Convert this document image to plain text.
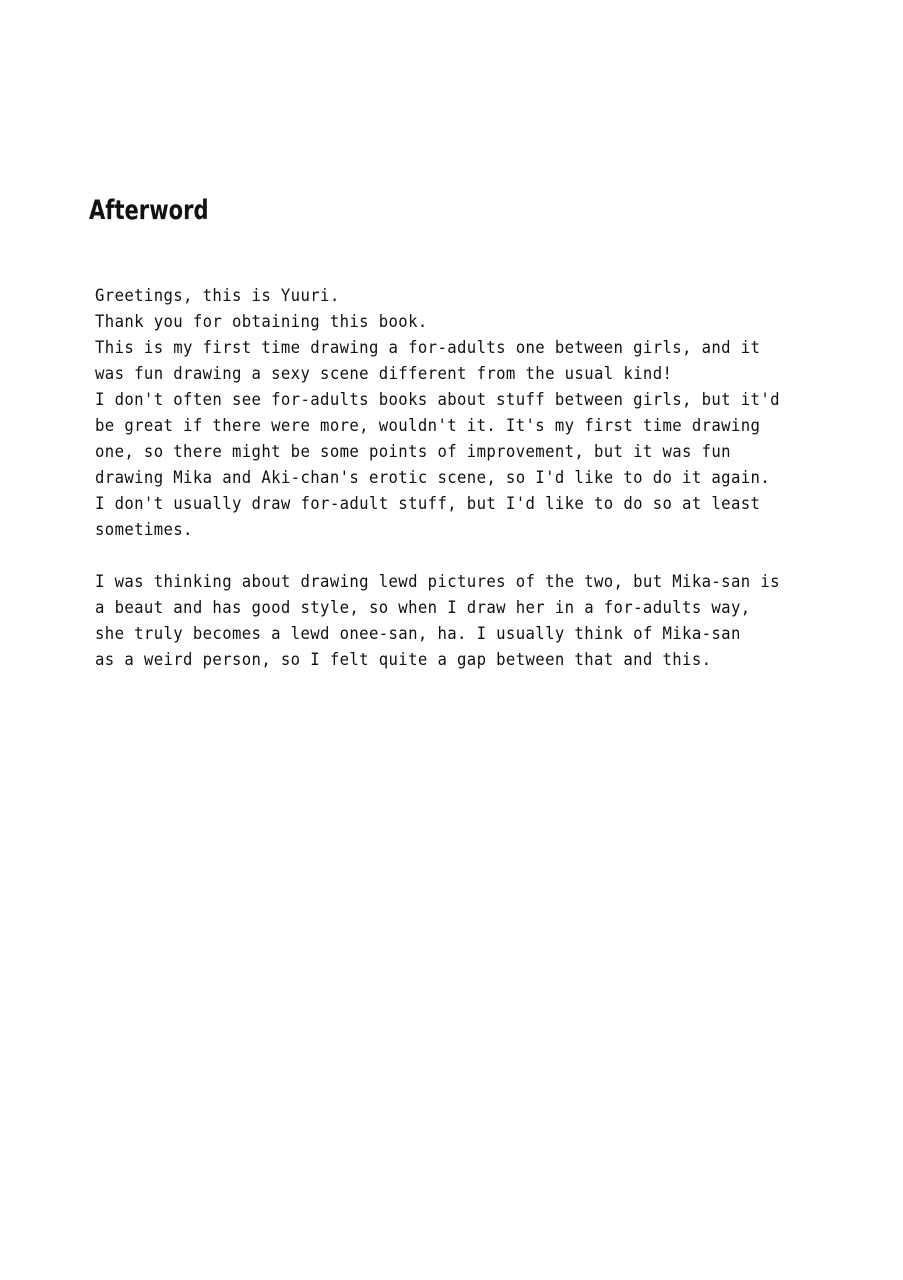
Afterword
Greetings, this is Yuuri.
Thank you for obtaining this book.
This is my first time drawing a for-adults one between girls, and it
was fun drawing a sexy scene different from the usual kind!
I don't often see for-adults books about stuff between girls, but it'd
be great if there were more, wouldn't it. It's my first time drawing
one, so there might be some points of improvement, but it was fun
drawing Mika and Aki-chan's erotic scene, so I'd like to do it again.
I don't usually draw for-adult stuff, but I'd like to do so at least
sometimes.
I was thinking about drawing lewd pictures of the two, but Mika-san is
a beaut and has good style, so when I draw her in a for-adults way,
she truly becomes a lewd onee-san, ha. I usually think of Mika-san
as a weird person, so I felt quite a gap between that and this.
